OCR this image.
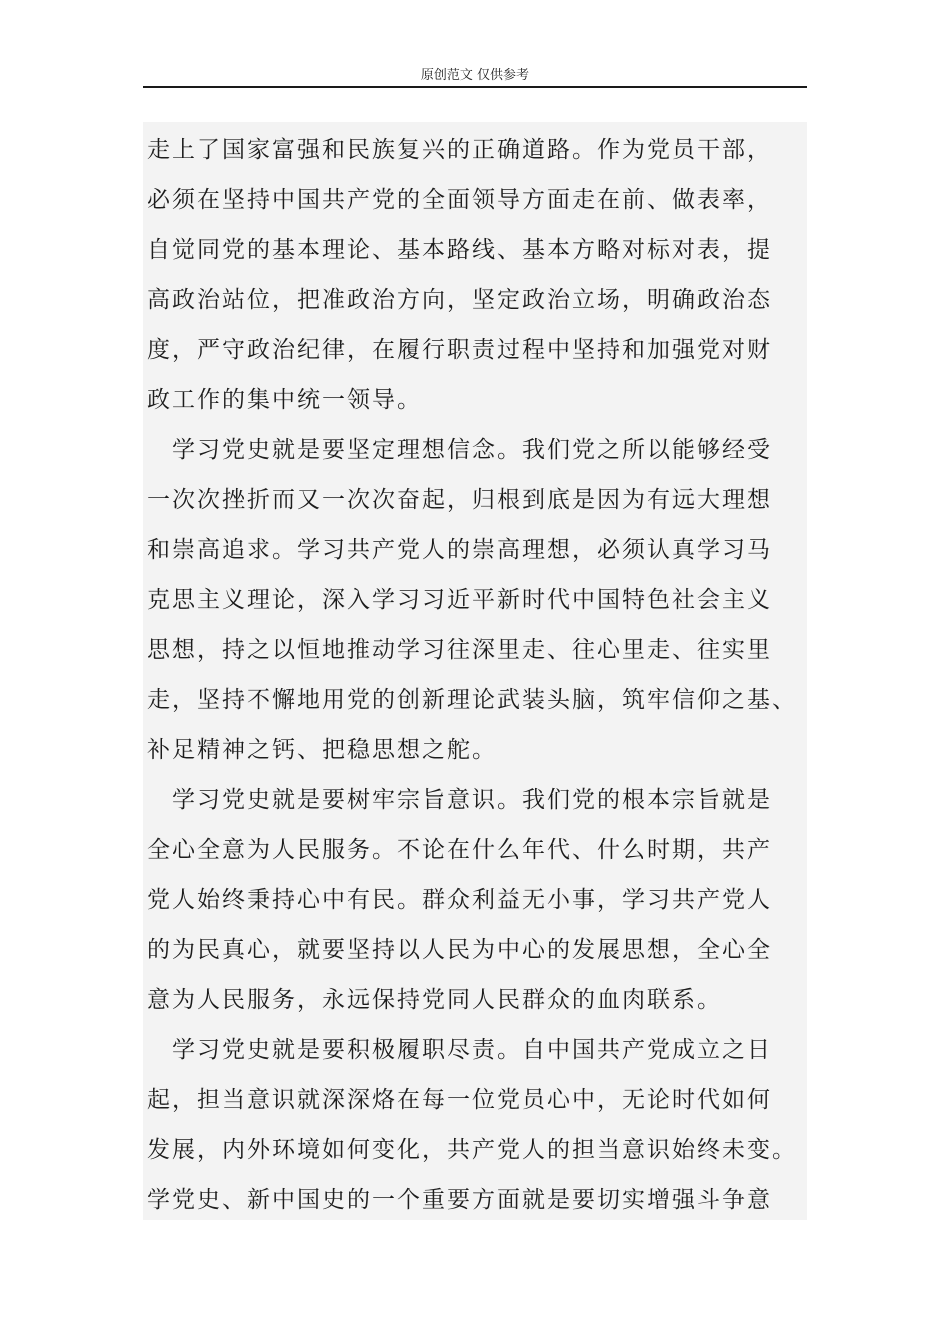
原创范文 仅供参考
走上了国家富强和民族复兴的正确道路。作为党员干部，
必须在坚持中国共产党的全面领导方面走在前、做表率，
自觉同党的基本理论、基本路线、基本方略对标对表，提
高政治站位，把准政治方向，坚定政治立场，明确政治态
度，严守政治纪律，在履行职责过程中坚持和加强党对财
政工作的集中统一领导。
　学习党史就是要坚定理想信念。我们党之所以能够经受
一次次挫折而又一次次奋起，归根到底是因为有远大理想
和崇高追求。学习共产党人的崇高理想，必须认真学习马
克思主义理论，深入学习习近平新时代中国特色社会主义
思想，持之以恒地推动学习往深里走、往心里走、往实里
走，坚持不懈地用党的创新理论武装头脑，筑牢信仰之基、
补足精神之钙、把稳思想之舵。
　学习党史就是要树牢宗旨意识。我们党的根本宗旨就是
全心全意为人民服务。不论在什么年代、什么时期，共产
党人始终秉持心中有民。群众利益无小事，学习共产党人
的为民真心，就要坚持以人民为中心的发展思想，全心全
意为人民服务，永远保持党同人民群众的血肉联系。
　学习党史就是要积极履职尽责。自中国共产党成立之日
起，担当意识就深深烙在每一位党员心中，无论时代如何
发展，内外环境如何变化，共产党人的担当意识始终未变。
学党史、新中国史的一个重要方面就是要切实增强斗争意
